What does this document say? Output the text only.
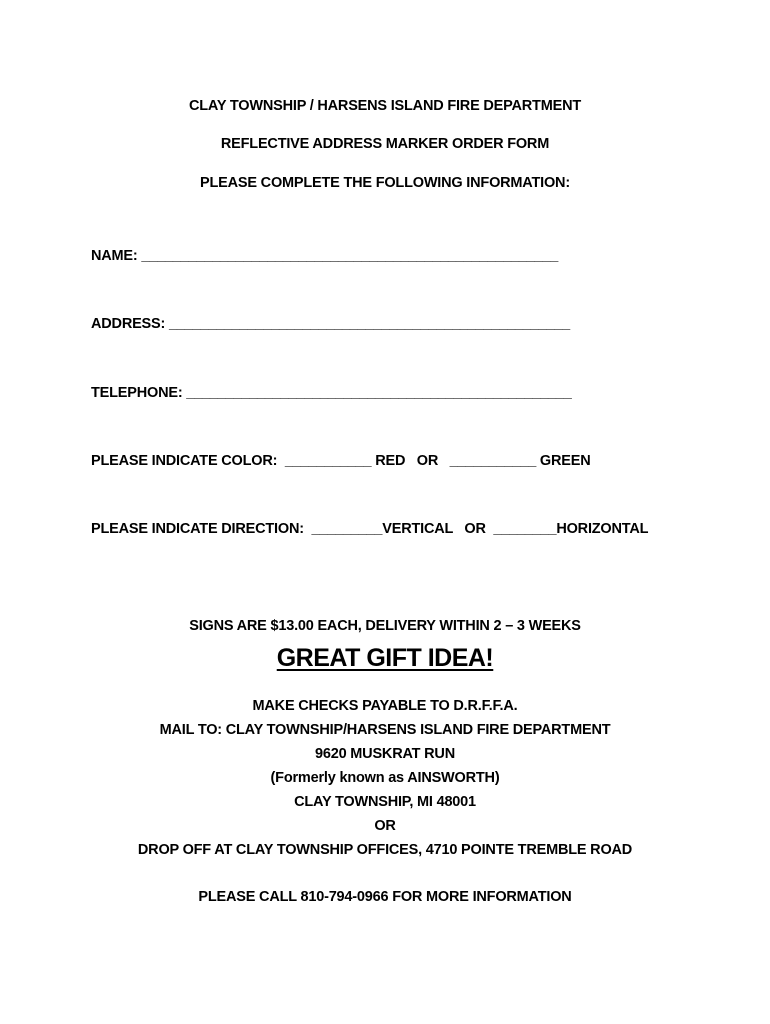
CLAY TOWNSHIP / HARSENS ISLAND FIRE DEPARTMENT
REFLECTIVE ADDRESS MARKER ORDER FORM
PLEASE COMPLETE THE FOLLOWING INFORMATION:
NAME: _____________________________________________________
ADDRESS: ___________________________________________________
TELEPHONE: _________________________________________________
PLEASE INDICATE COLOR:  ___________ RED   OR   ___________ GREEN
PLEASE INDICATE DIRECTION:  _________VERTICAL   OR  ________HORIZONTAL
SIGNS ARE $13.00 EACH, DELIVERY WITHIN 2 – 3 WEEKS
GREAT GIFT IDEA!
MAKE CHECKS PAYABLE TO D.R.F.F.A.
MAIL TO: CLAY TOWNSHIP/HARSENS ISLAND FIRE DEPARTMENT
9620 MUSKRAT RUN
(Formerly known as AINSWORTH)
CLAY TOWNSHIP, MI 48001
OR
DROP OFF AT CLAY TOWNSHIP OFFICES, 4710 POINTE TREMBLE ROAD
PLEASE CALL 810-794-0966 FOR MORE INFORMATION
